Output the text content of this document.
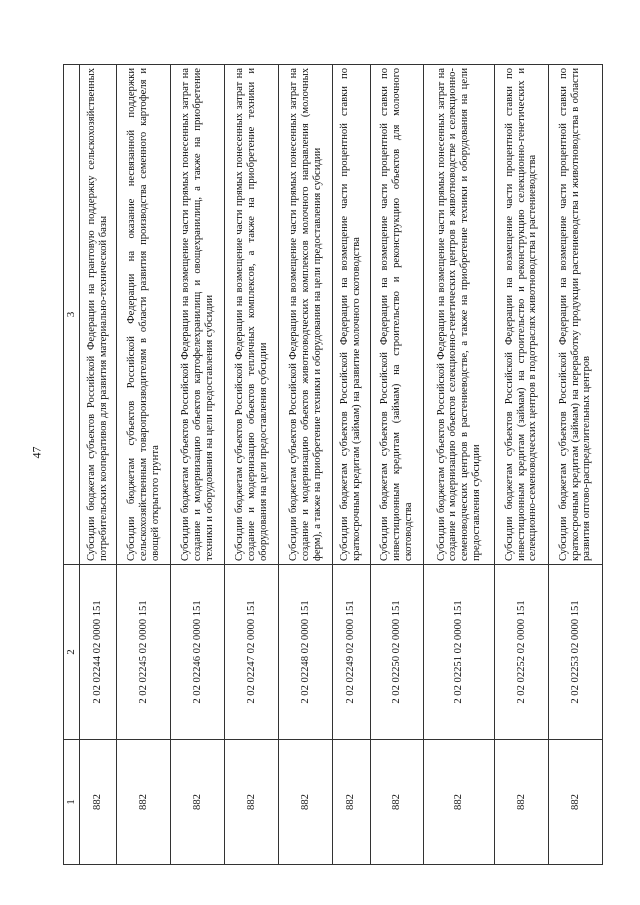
47
1	2	3
882	2 02 02244 02 0000 151	Субсидии бюджетам субъектов Российской Федерации на грантовую поддержку сельскохозяйственных потребительских кооперативов для развития материально-технической базы
882	2 02 02245 02 0000 151	Субсидии бюджетам субъектов Российской Федерации на оказание несвязанной поддержки сельскохозяйственным товаропроизводителям в области развития производства семенного картофеля и овощей открытого грунта
882	2 02 02246 02 0000 151	Субсидии бюджетам субъектов Российской Федерации на возмещение части прямых понесенных затрат на создание и модернизацию объектов картофелехранилищ и овощехранилищ, а также на приобретение техники и оборудования на цели предоставления субсидии
882	2 02 02247 02 0000 151	Субсидии бюджетам субъектов Российской Федерации на возмещение части прямых понесенных затрат на создание и модернизацию объектов тепличных комплексов, а также на приобретение техники и оборудования на цели предоставления субсидии
882	2 02 02248 02 0000 151	Субсидии бюджетам субъектов Российской Федерации на возмещение части прямых понесенных затрат на создание и модернизацию объектов животноводческих комплексов молочного направления (молочных ферм), а также на приобретение техники и оборудования на цели предоставления субсидии
882	2 02 02249 02 0000 151	Субсидии бюджетам субъектов Российской Федерации на возмещение части процентной ставки по краткосрочным кредитам (займам) на развитие молочного скотоводства
882	2 02 02250 02 0000 151	Субсидии бюджетам субъектов Российской Федерации на возмещение части процентной ставки по инвестиционным кредитам (займам) на строительство и реконструкцию объектов для молочного скотоводства
882	2 02 02251 02 0000 151	Субсидии бюджетам субъектов Российской Федерации на возмещение части прямых понесенных затрат на создание и модернизацию объектов селекционно-генетических центров в животноводстве и селекционно-семеноводческих центров в растениеводстве, а также на приобретение техники и оборудования на цели предоставления субсидии
882	2 02 02252 02 0000 151	Субсидии бюджетам субъектов Российской Федерации на возмещение части процентной ставки по инвестиционным кредитам (займам) на строительство и реконструкцию селекционно-генетических и селекционно-семеноводческих центров в подотраслях животноводства и растениеводства
882	2 02 02253 02 0000 151	Субсидии бюджетам субъектов Российской Федерации на возмещение части процентной ставки по краткосрочным кредитам (займам) на переработку продукции растениеводства и животноводства в области развития оптово-распределительных центров
